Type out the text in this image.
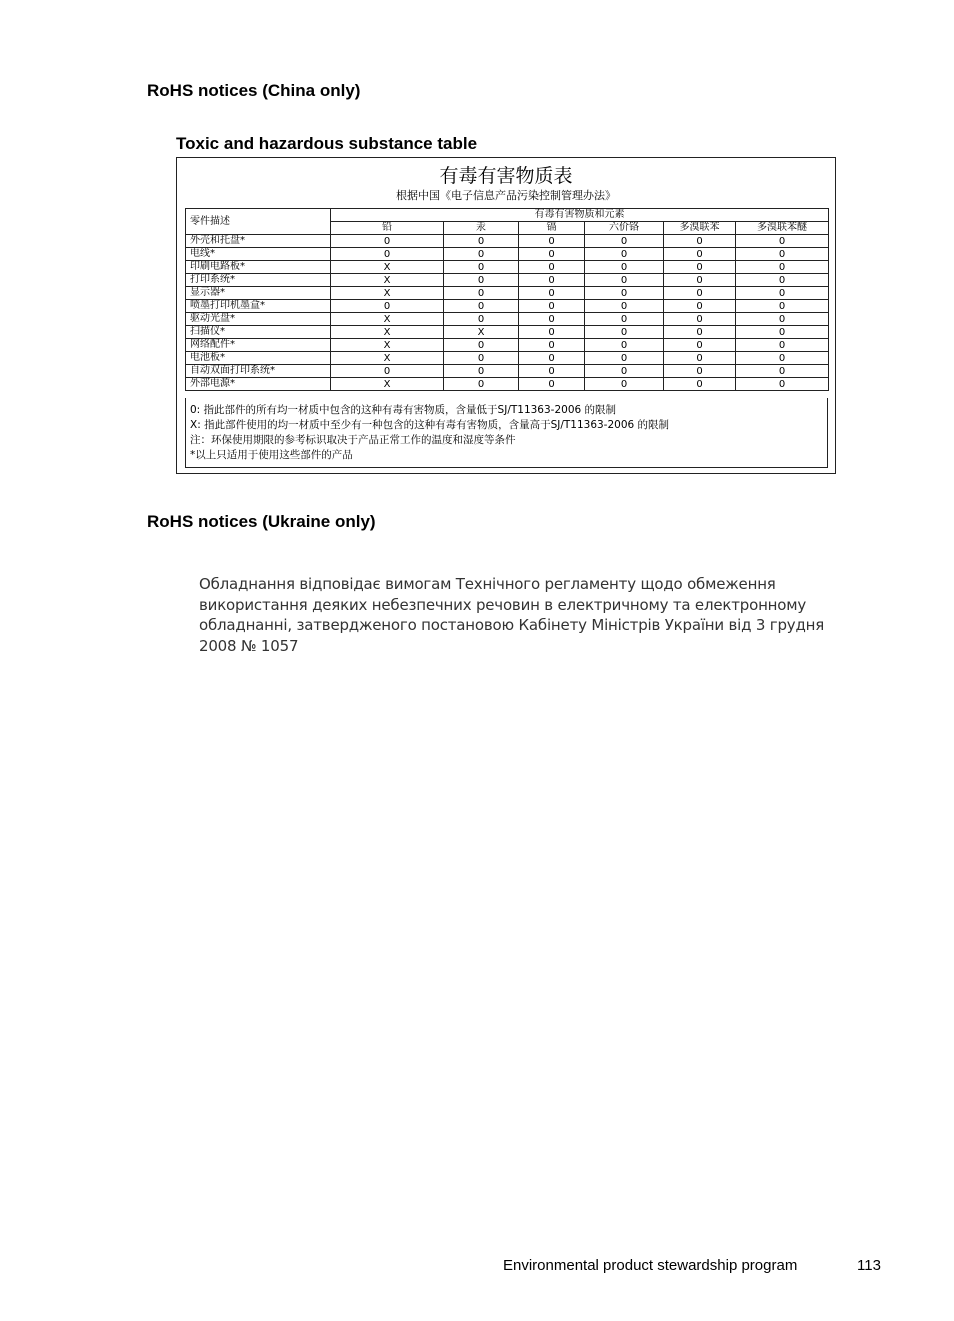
RoHS notices (China only)
Toxic and hazardous substance table
有毒有害物质表
根据中国《电子信息产品污染控制管理办法》
零件描述	有毒有害物质和元素					
	铅	汞	镉	六价铬	多溴联苯	多溴联苯醚
外壳和托盘*	0	0	0	0	0	0
电线*	0	0	0	0	0	0
印刷电路板*	X	0	0	0	0	0
打印系统*	X	0	0	0	0	0
显示器*	X	0	0	0	0	0
喷墨打印机墨盒*	0	0	0	0	0	0
驱动光盘*	X	0	0	0	0	0
扫描仪*	X	X	0	0	0	0
网络配件*	X	0	0	0	0	0
电池板*	X	0	0	0	0	0
自动双面打印系统*	0	0	0	0	0	0
外部电源*	X	0	0	0	0	0
0: 指此部件的所有均一材质中包含的这种有毒有害物质，含量低于SJ/T11363-2006 的限制
X: 指此部件使用的均一材质中至少有一种包含的这种有毒有害物质，含量高于SJ/T11363-2006 的限制
注：环保使用期限的参考标识取决于产品正常工作的温度和湿度等条件
*以上只适用于使用这些部件的产品
RoHS notices (Ukraine only)
Обладнання відповідає вимогам Технічного регламенту щодо обмеження
використання деяких небезпечних речовин в електричному та електронному
обладнанні, затвердженого постановою Кабінету Міністрів України від 3 грудня
2008 № 1057
Environmental product stewardship program	113
